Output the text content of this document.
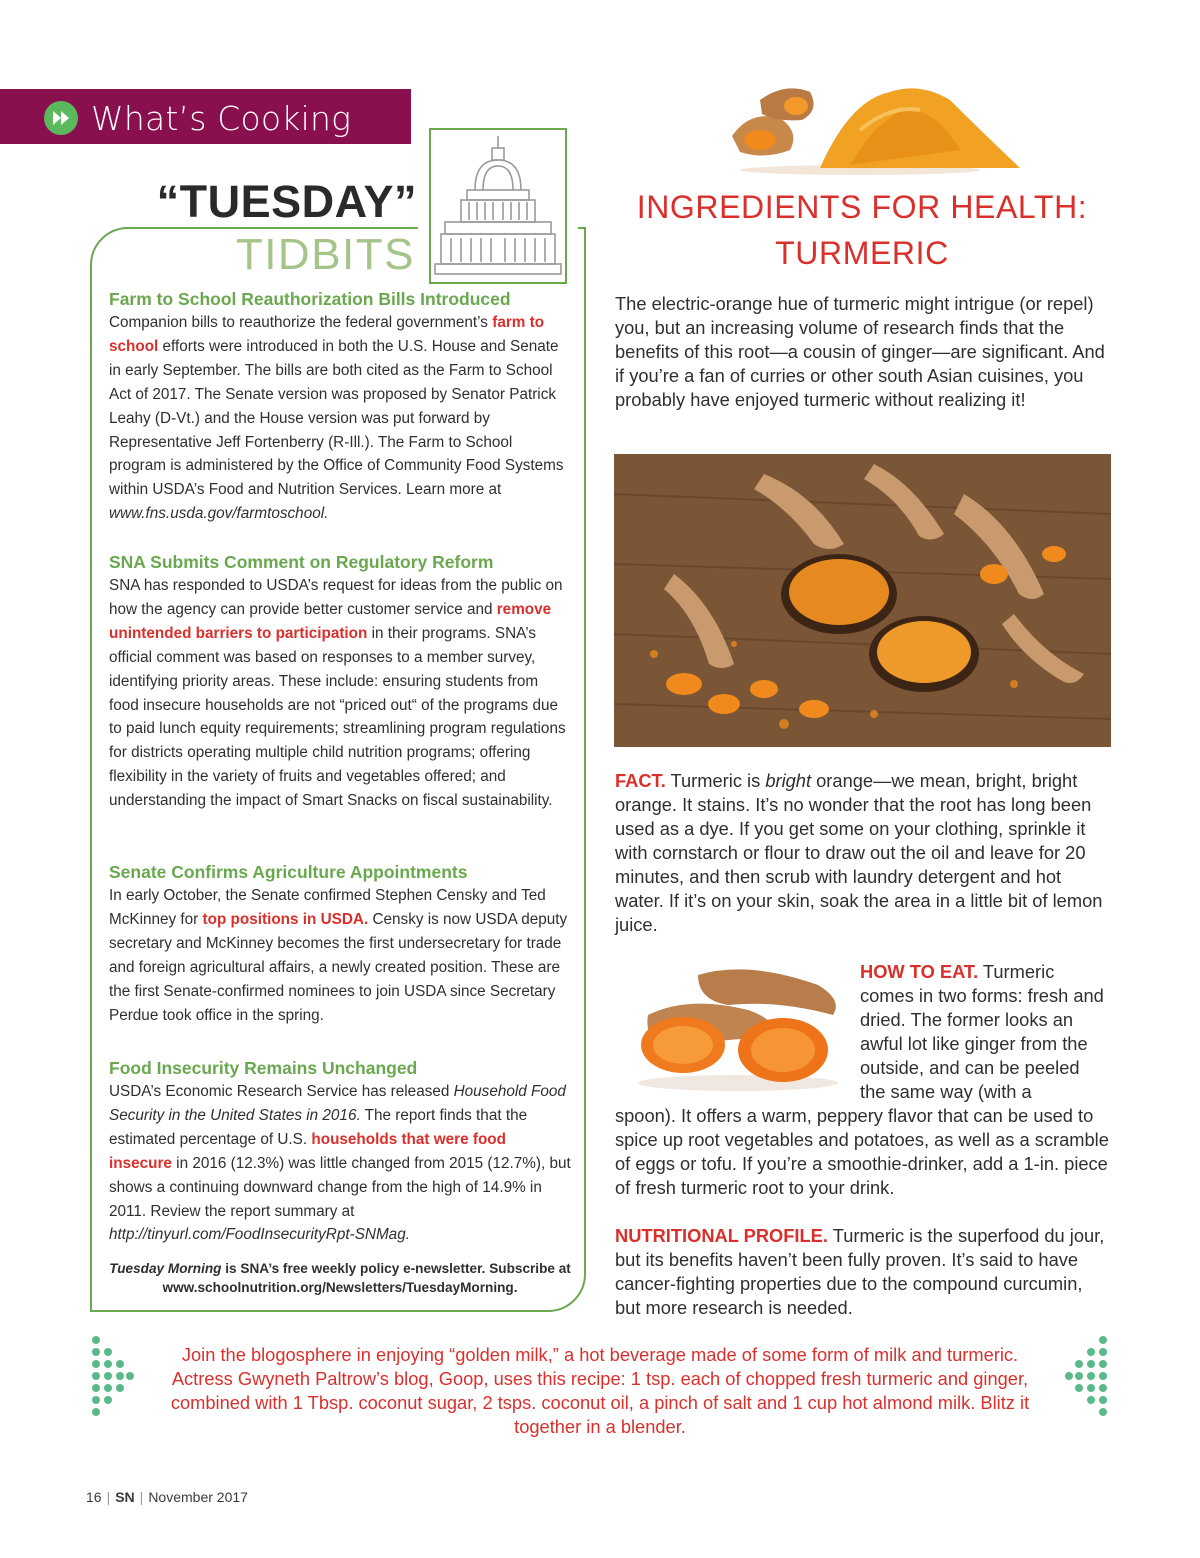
What’s Cooking
“TUESDAY”
TIDBITS
Farm to School Reauthorization Bills Introduced

Companion bills to reauthorize the federal government’s farm to school efforts were introduced in both the U.S. House and Senate in early September. The bills are both cited as the Farm to School Act of 2017. The Senate version was proposed by Senator Patrick Leahy (D-Vt.) and the House version was put forward by Representative Jeff Fortenberry (R-Ill.). The Farm to School program is administered by the Office of Community Food Systems within USDA’s Food and Nutrition Services. Learn more at www.fns.usda.gov/farmtoschool.

SNA Submits Comment on Regulatory Reform

SNA has responded to USDA’s request for ideas from the public on how the agency can provide better customer service and remove unintended barriers to participation in their programs. SNA’s official comment was based on responses to a member survey, identifying priority areas. These include: ensuring students from food insecure households are not “priced out“ of the programs due to paid lunch equity requirements; streamlining program regulations for districts operating multiple child nutrition programs; offering flexibility in the variety of fruits and vegetables offered; and understanding the impact of Smart Snacks on fiscal sustainability.

Senate Confirms Agriculture Appointments

In early October, the Senate confirmed Stephen Censky and Ted McKinney for top positions in USDA. Censky is now USDA deputy secretary and McKinney becomes the first undersecretary for trade and foreign agricultural affairs, a newly created position. These are the first Senate-confirmed nominees to join USDA since Secretary Perdue took office in the spring.

Food Insecurity Remains Unchanged

USDA’s Economic Research Service has released Household Food Security in the United States in 2016. The report finds that the estimated percentage of U.S. households that were food insecure in 2016 (12.3%) was little changed from 2015 (12.7%), but shows a continuing downward change from the high of 14.9% in 2011. Review the report summary at http://tinyurl.com/FoodInsecurityRpt-SNMag.

Tuesday Morning is SNA’s free weekly policy e-newsletter. Subscribe at www.schoolnutrition.org/Newsletters/TuesdayMorning.
INGREDIENTS FOR HEALTH:
TURMERIC

The electric-orange hue of turmeric might intrigue (or repel) you, but an increasing volume of research finds that the benefits of this root—a cousin of ginger—are significant. And if you’re a fan of curries or other south Asian cuisines, you probably have enjoyed turmeric without realizing it!

FACT. Turmeric is bright orange—we mean, bright, bright orange. It stains. It’s no wonder that the root has long been used as a dye. If you get some on your clothing, sprinkle it with cornstarch or flour to draw out the oil and leave for 20 minutes, and then scrub with laundry detergent and hot water. If it’s on your skin, soak the area in a little bit of lemon juice.

HOW TO EAT. Turmeric comes in two forms: fresh and dried. The former looks an awful lot like ginger from the outside, and can be peeled the same way (with a

spoon). It offers a warm, peppery flavor that can be used to spice up root vegetables and potatoes, as well as a scramble of eggs or tofu. If you’re a smoothie-drinker, add a 1-in. piece of fresh turmeric root to your drink.

NUTRITIONAL PROFILE. Turmeric is the superfood du jour, but its benefits haven’t been fully proven. It’s said to have cancer-fighting properties due to the compound curcumin, but more research is needed.

Join the blogosphere in enjoying “golden milk,” a hot beverage made of some form of milk and turmeric. Actress Gwyneth Paltrow’s blog, Goop, uses this recipe: 1 tsp. each of chopped fresh turmeric and ginger, combined with 1 Tbsp. coconut sugar, 2 tsps. coconut oil, a pinch of salt and 1 cup hot almond milk. Blitz it together in a blender.

16 | SN | November 2017
